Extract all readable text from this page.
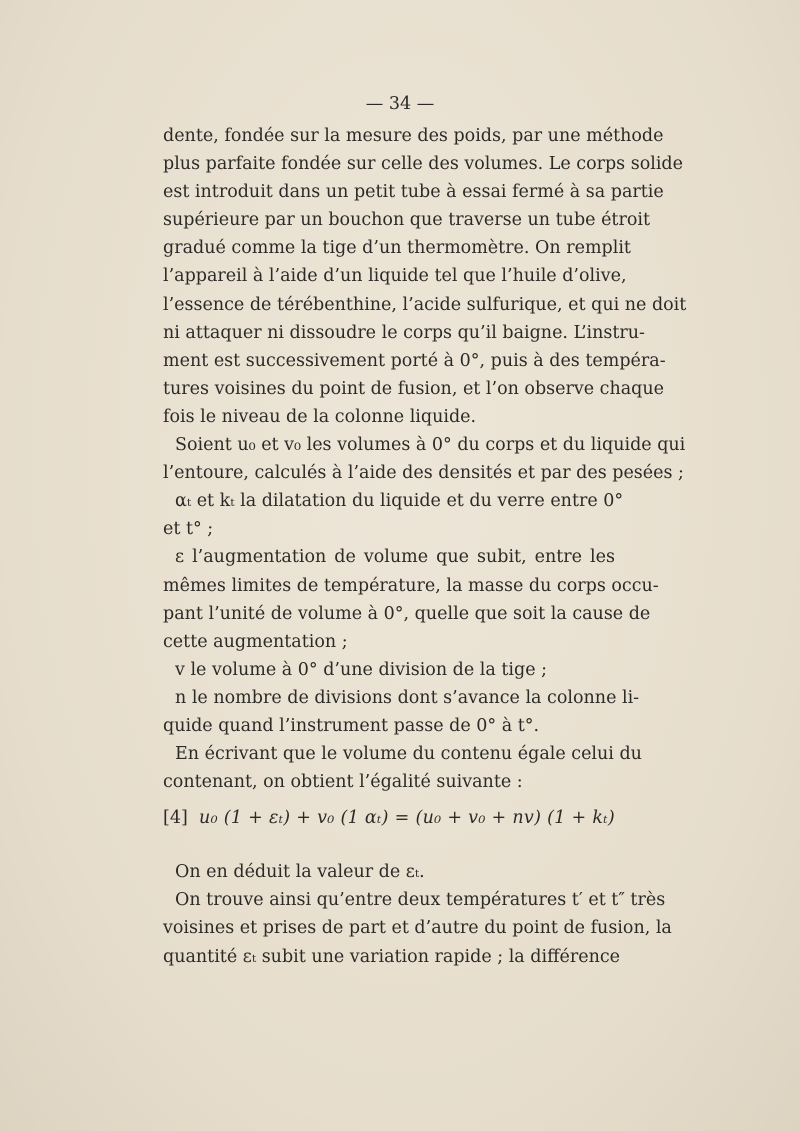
— 34 —
dente, fondée sur la mesure des poids, par une méthode
plus parfaite fondée sur celle des volumes. Le corps solide
est introduit dans un petit tube à essai fermé à sa partie
supérieure par un bouchon que traverse un tube étroit
gradué comme la tige d’un thermomètre. On remplit
l’appareil à l’aide d’un liquide tel que l’huile d’olive,
l’essence de térébenthine, l’acide sulfurique, et qui ne doit
ni attaquer ni dissoudre le corps qu’il baigne. L’instru-
ment est successivement porté à 0°, puis à des tempéra-
tures voisines du point de fusion, et l’on observe chaque
fois le niveau de la colonne liquide.
Soient u₀ et v₀ les volumes à 0° du corps et du liquide qui
l’entoure, calculés à l’aide des densités et par des pesées ;
αₜ et kₜ la dilatation du liquide et du verre entre 0°
et t° ;
ε l’augmentation de volume que subit, entre les
mêmes limites de température, la masse du corps occu-
pant l’unité de volume à 0°, quelle que soit la cause de
cette augmentation ;
v le volume à 0° d’une division de la tige ;
n le nombre de divisions dont s’avance la colonne li-
quide quand l’instrument passe de 0° à t°.
En écrivant que le volume du contenu égale celui du
contenant, on obtient l’égalité suivante :
[4] u₀ (1 + εₜ) + v₀ (1 αₜ) = (u₀ + v₀ + nv) (1 + kₜ)
On en déduit la valeur de εₜ.
On trouve ainsi qu’entre deux températures t′ et t″ très
voisines et prises de part et d’autre du point de fusion, la
quantité εₜ subit une variation rapide ; la différence
